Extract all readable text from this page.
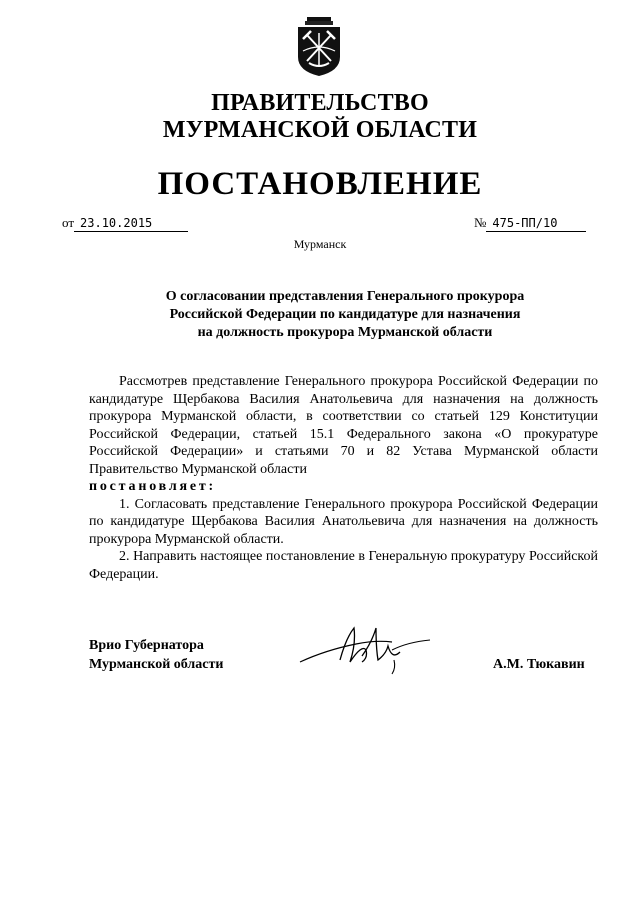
ПРАВИТЕЛЬСТВО
МУРМАНСКОЙ ОБЛАСТИ
ПОСТАНОВЛЕНИЕ
от 23.10.2015	№ 475-ПП/10
Мурманск
О согласовании представления Генерального прокурора
Российской Федерации по кандидатуре для назначения
на должность прокурора Мурманской области

Рассмотрев представление Генерального прокурора Российской Федерации по кандидатуре Щербакова Василия Анатольевича для назначения на должность прокурора Мурманской области, в соответствии со статьей 129 Конституции Российской Федерации, статьей 15.1 Федерального закона «О прокуратуре Российской Федерации» и статьями 70 и 82 Устава Мурманской области Правительство Мурманской области

постановляет:

1. Согласовать представление Генерального прокурора Российской Федерации по кандидатуре Щербакова Василия Анатольевича для назначения на должность прокурора Мурманской области.

2. Направить настоящее постановление в Генеральную прокуратуру Российской Федерации.

Врио Губернатора
Мурманской области	А.М. Тюкавин
